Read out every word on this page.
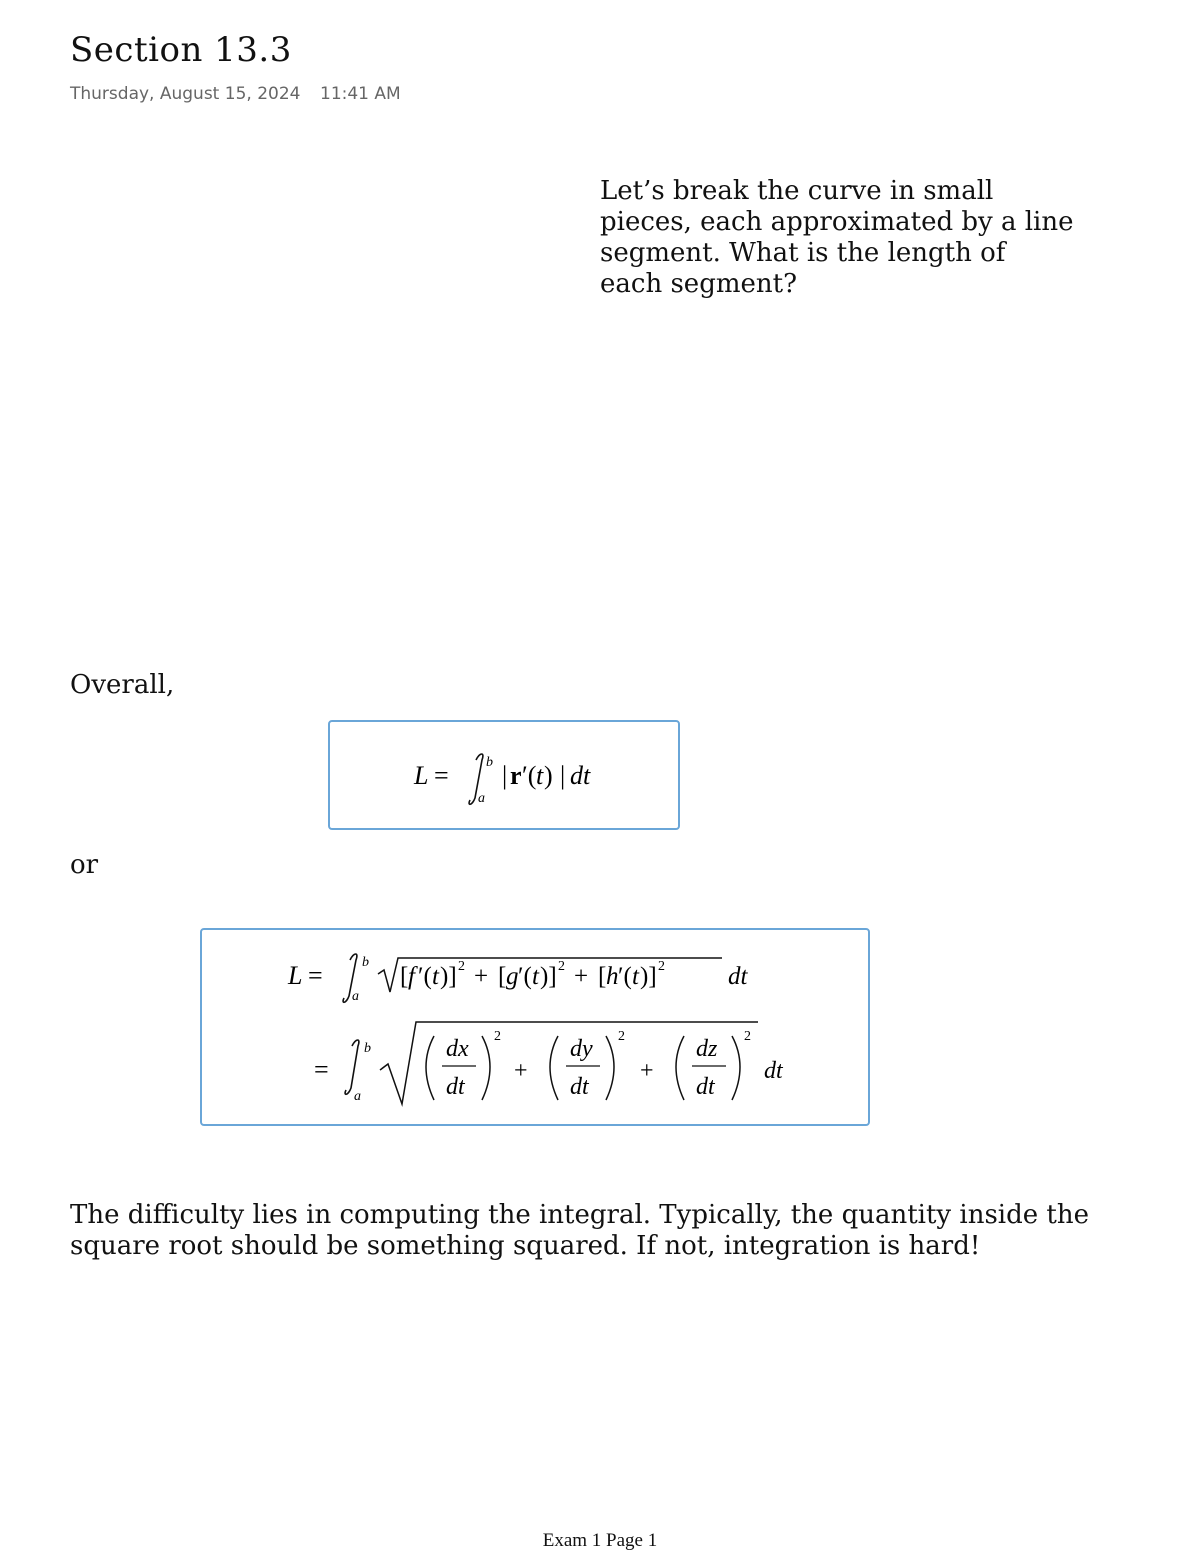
Section 13.3
Thursday, August 15, 2024 11:41 AM
Let’s break the curve in small
pieces, each approximated by a line
segment. What is the length of
each segment?
Overall,
L =	b
a
| r ′( t ) | dt
or
L =	b
a
[ f ′( t )] 2 + [ g ′( t )] 2 + [ h ′( t )] 2	dt
=
b
a
dx
dt
2
+
dy
dt
2
+
dz
dt
2
dt
The difficulty lies in computing the integral. Typically, the quantity inside the
square root should be something squared. If not, integration is hard!
Exam 1 Page 1
